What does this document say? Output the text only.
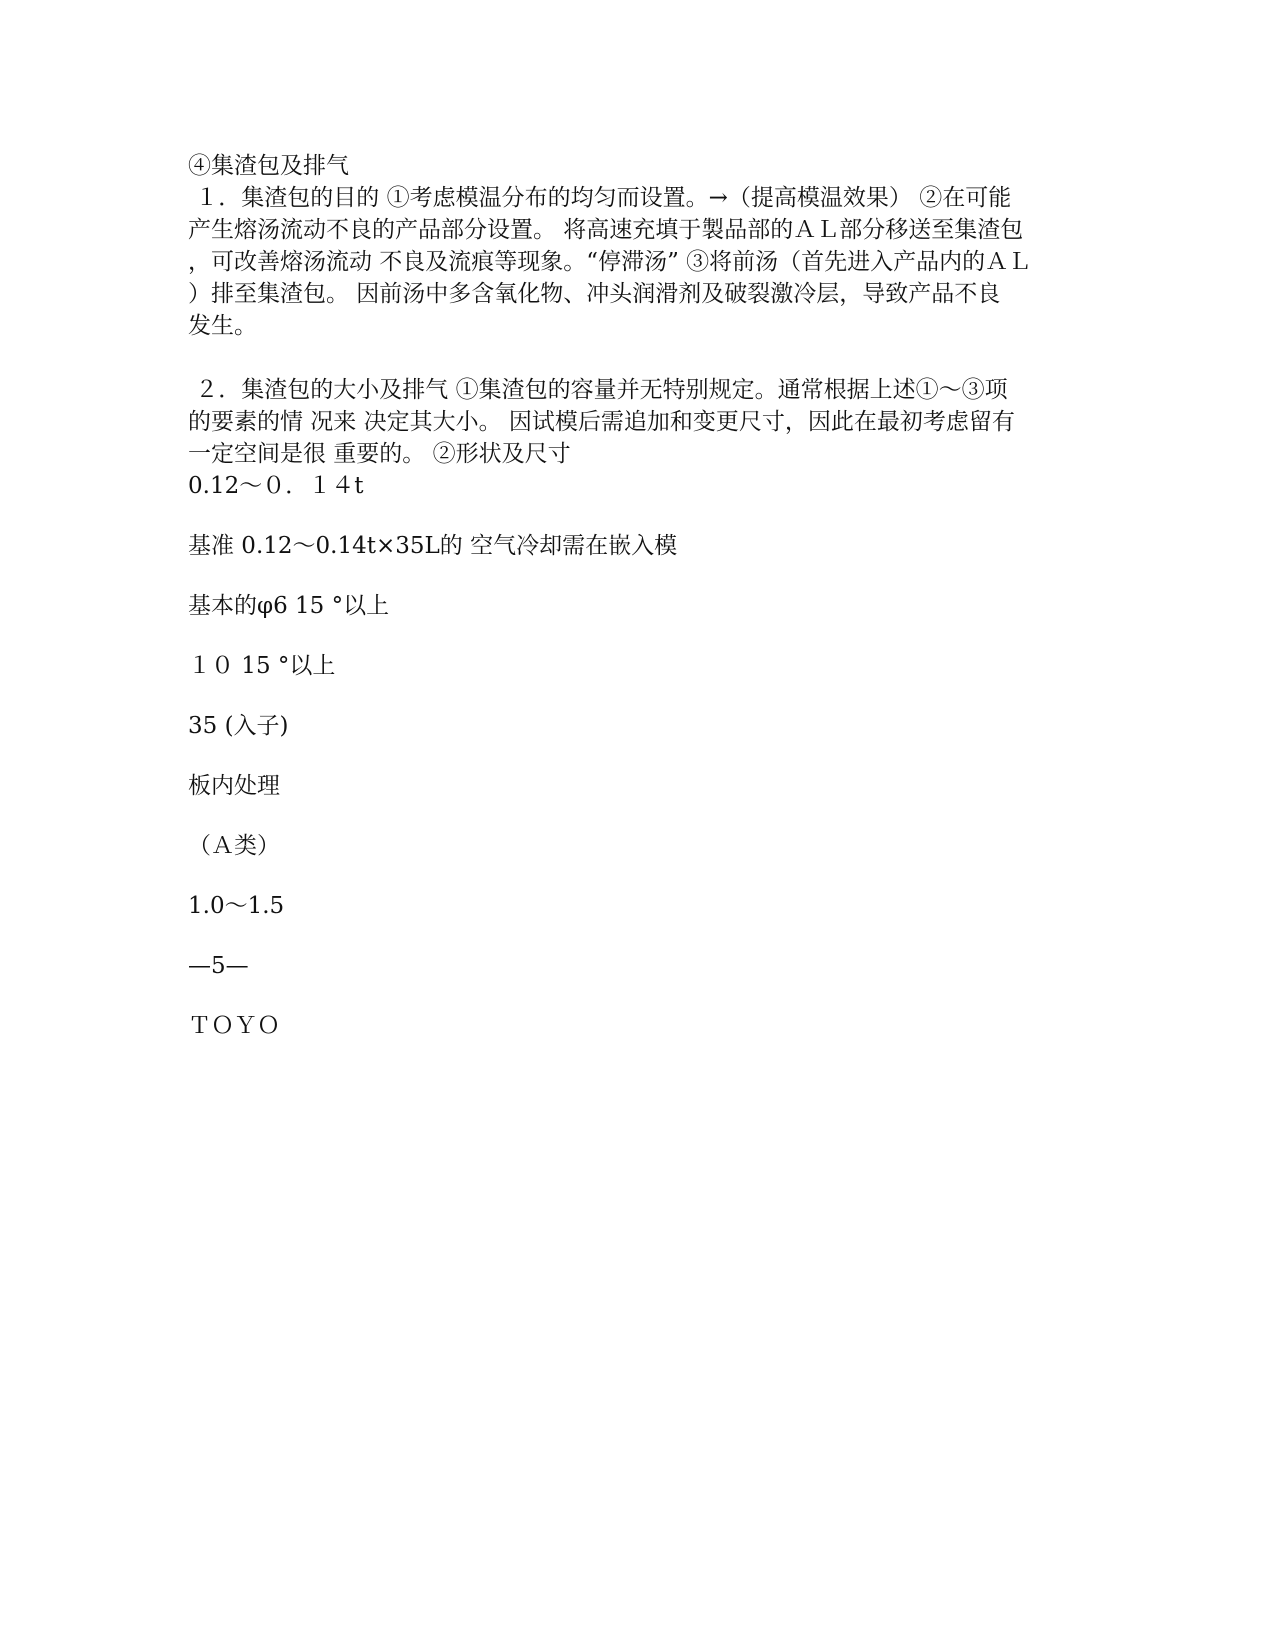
④集渣包及排气

１．集渣包的目的 ①考虑模温分布的均匀而设置。→（提高模温效果） ②在可能

产生熔汤流动不良的产品部分设置。 将高速充填于製品部的ＡＬ部分移送至集渣包

，可改善熔汤流动 不良及流痕等现象。“停滞汤” ③将前汤（首先进入产品内的ＡＬ

）排至集渣包。 因前汤中多含氧化物、冲头润滑剂及破裂激冷层，导致产品不良

发生。

２．集渣包的大小及排气 ①集渣包的容量并无特别规定。通常根据上述①～③项

的要素的情 况来 决定其大小。 因试模后需追加和变更尺寸，因此在最初考虑留有

一定空间是很 重要的。 ②形状及尺寸

0.12～０．１４t

基准 0.12～0.14t×35L的 空气冷却需在嵌入模

基本的φ6 15 °以上

１０ 15 °以上

35 (入子)

板内处理

（Ａ类）

1.0～1.5

—5—

ＴＯＹＯ
